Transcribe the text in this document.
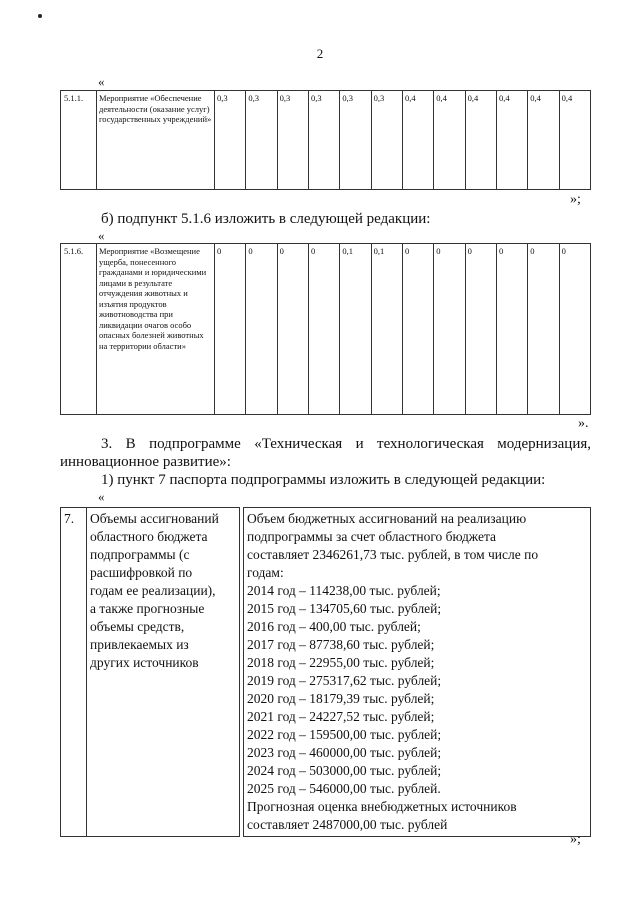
2
«
5.1.1.	Мероприятие «Обеспечение деятельности (оказание услуг) государственных учреждений»	0,3	0,3	0,3	0,3	0,3	0,3	0,4	0,4	0,4	0,4	0,4	0,4
»;
б) подпункт 5.1.6 изложить в следующей редакции:
«
5.1.6.	Мероприятие «Возмещение ущерба, понесенного гражданами и юридическими лицами в результате отчуждения животных и изъятия продуктов животноводства при ликвидации очагов особо опасных болезней животных на территории области»	0	0	0	0	0,1	0,1	0	0	0	0	0	0
».
3. В подпрограмме «Техническая и технологическая модернизация,
инновационное развитие»:
1) пункт 7 паспорта подпрограммы изложить в следующей редакции:
«
7.	Объемы ассигнований
областного бюджета
подпрограммы (с
расшифровкой по
годам ее реализации),
а также прогнозные
объемы средств,
привлекаемых из
других источников

Объем бюджетных ассигнований на реализацию
подпрограммы за счет областного бюджета
составляет 2346261,73 тыс. рублей, в том числе по
годам:
2014 год – 114238,00 тыс. рублей;
2015 год – 134705,60 тыс. рублей;
2016 год – 400,00 тыс. рублей;
2017 год – 87738,60 тыс. рублей;
2018 год – 22955,00 тыс. рублей;
2019 год – 275317,62 тыс. рублей;
2020 год – 18179,39 тыс. рублей;
2021 год – 24227,52 тыс. рублей;
2022 год – 159500,00 тыс. рублей;
2023 год – 460000,00 тыс. рублей;
2024 год – 503000,00 тыс. рублей;
2025 год – 546000,00 тыс. рублей.
Прогнозная оценка внебюджетных источников
составляет 2487000,00 тыс. рублей
»;
